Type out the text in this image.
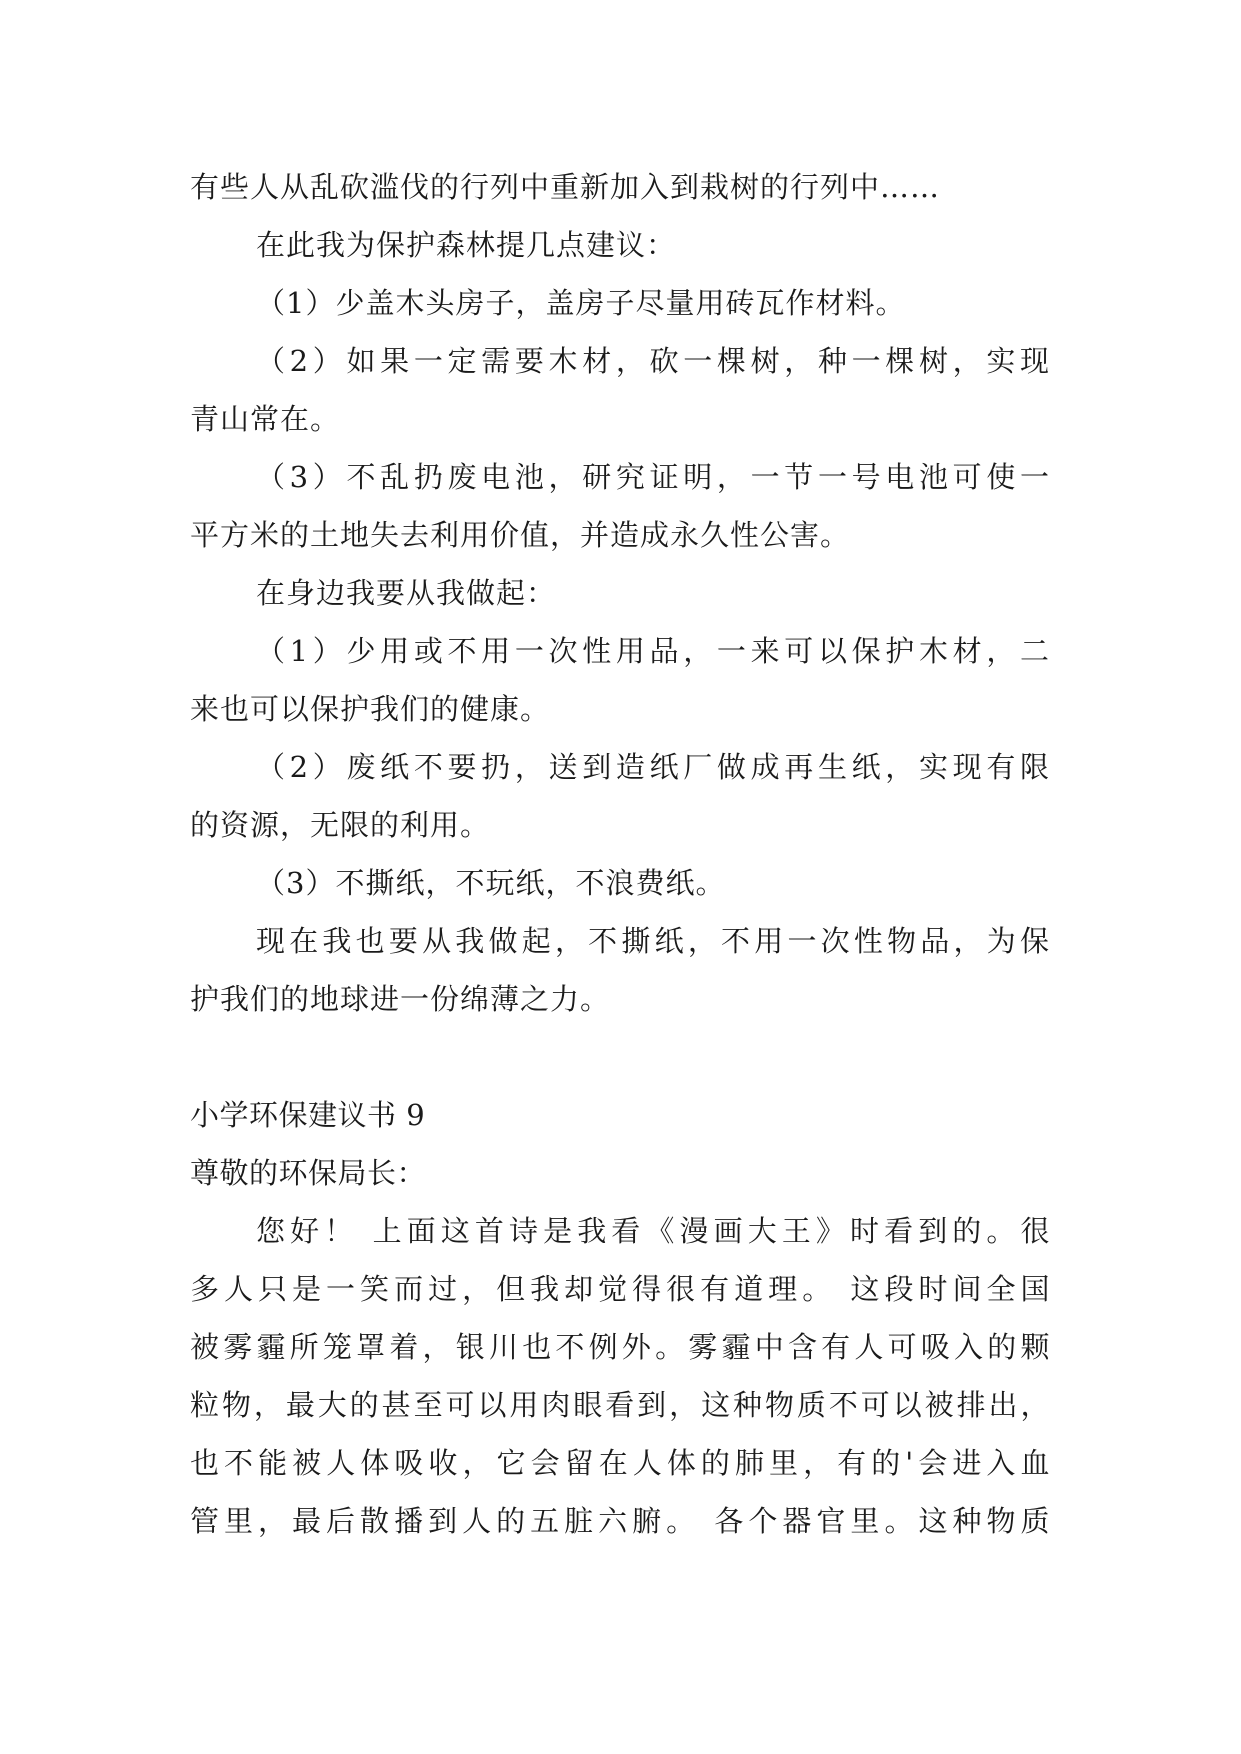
有些人从乱砍滥伐的行列中重新加入到栽树的行列中……
在此我为保护森林提几点建议：
（1）少盖木头房子，盖房子尽量用砖瓦作材料。
（2）如果一定需要木材，砍一棵树，种一棵树，实现
青山常在。
（3）不乱扔废电池，研究证明，一节一号电池可使一
平方米的土地失去利用价值，并造成永久性公害。
在身边我要从我做起：
（1）少用或不用一次性用品，一来可以保护木材，二
来也可以保护我们的健康。
（2）废纸不要扔，送到造纸厂做成再生纸，实现有限
的资源，无限的利用。
（3）不撕纸，不玩纸，不浪费纸。
现在我也要从我做起，不撕纸，不用一次性物品，为保
护我们的地球进一份绵薄之力。
小学环保建议书 9
尊敬的环保局长：
您好！ 上面这首诗是我看《漫画大王》时看到的。很
多人只是一笑而过，但我却觉得很有道理。 这段时间全国
被雾霾所笼罩着，银川也不例外。雾霾中含有人可吸入的颗
粒物，最大的甚至可以用肉眼看到，这种物质不可以被排出，
也不能被人体吸收，它会留在人体的肺里，有的'会进入血
管里，最后散播到人的五脏六腑。 各个器官里。这种物质
